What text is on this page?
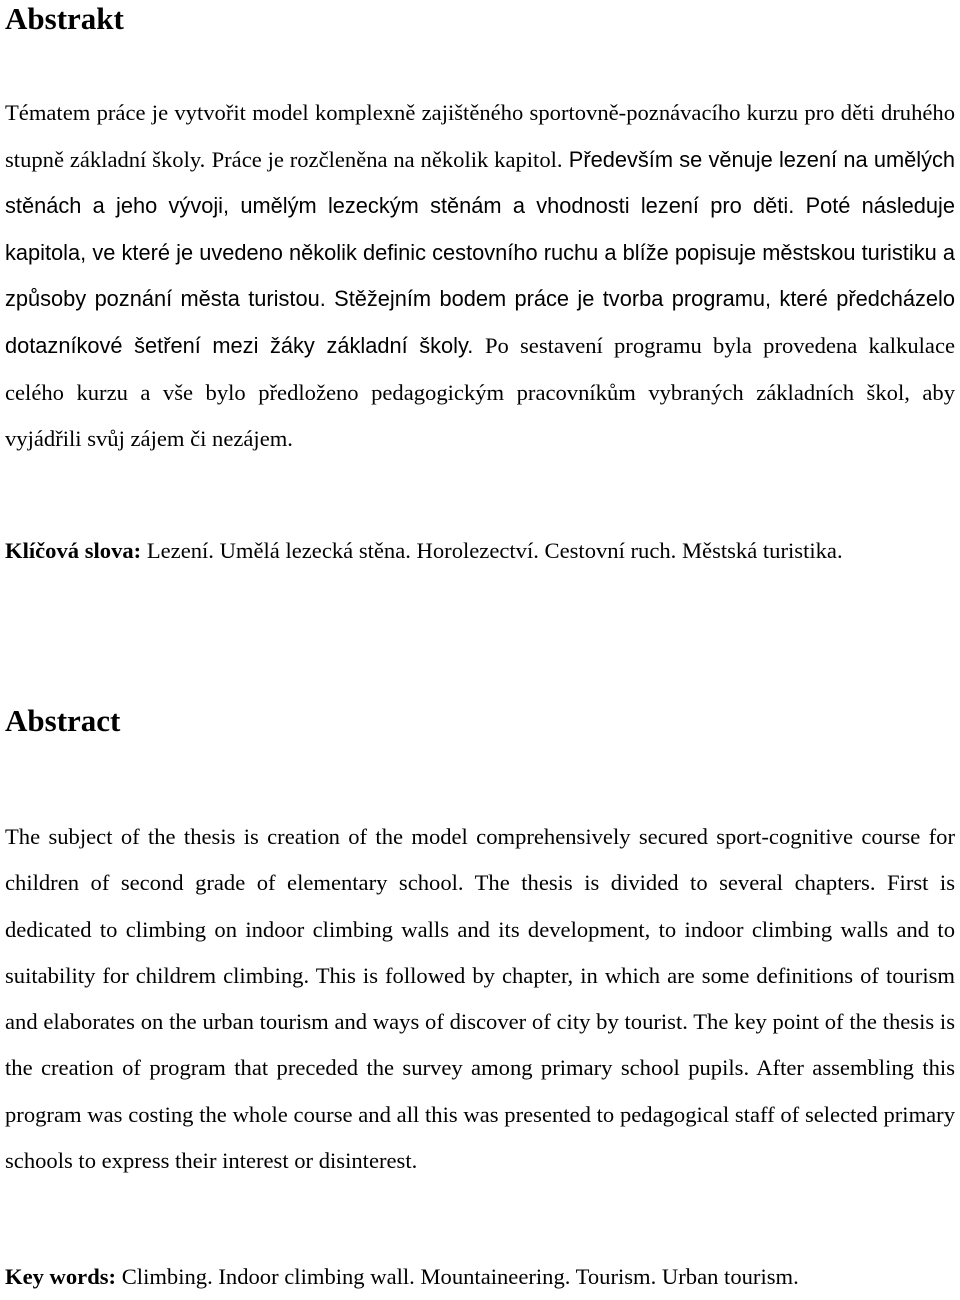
Abstrakt

Tématem práce je vytvořit model komplexně zajištěného sportovně-poznávacího kurzu pro děti druhého stupně základní školy. Práce je rozčleněna na několik kapitol. Především se věnuje lezení na umělých stěnách a jeho vývoji, umělým lezeckým stěnám a vhodnosti lezení pro děti. Poté následuje kapitola, ve které je uvedeno několik definic cestovního ruchu a blíže popisuje městskou turistiku a způsoby poznání města turistou. Stěžejním bodem práce je tvorba programu, které předcházelo dotazníkové šetření mezi žáky základní školy. Po sestavení programu byla provedena kalkulace celého kurzu a vše bylo předloženo pedagogickým pracovníkům vybraných základních škol, aby vyjádřili svůj zájem či nezájem.

Klíčová slova: Lezení. Umělá lezecká stěna. Horolezectví. Cestovní ruch. Městská turistika.

Abstract

The subject of the thesis is creation of the model comprehensively secured sport-cognitive course for children of second grade of elementary school. The thesis is divided to several chapters. First is dedicated to climbing on indoor climbing walls and its development, to indoor climbing walls and to suitability for childrem climbing. This is followed by chapter, in which are some definitions of tourism and elaborates on the urban tourism and ways of discover of city by tourist. The key point of the thesis is the creation of program that preceded the survey among primary school pupils. After assembling this program was costing the whole course and all this was presented to pedagogical staff of selected primary schools to express their interest or disinterest.

Key words: Climbing. Indoor climbing wall. Mountaineering. Tourism. Urban tourism.
